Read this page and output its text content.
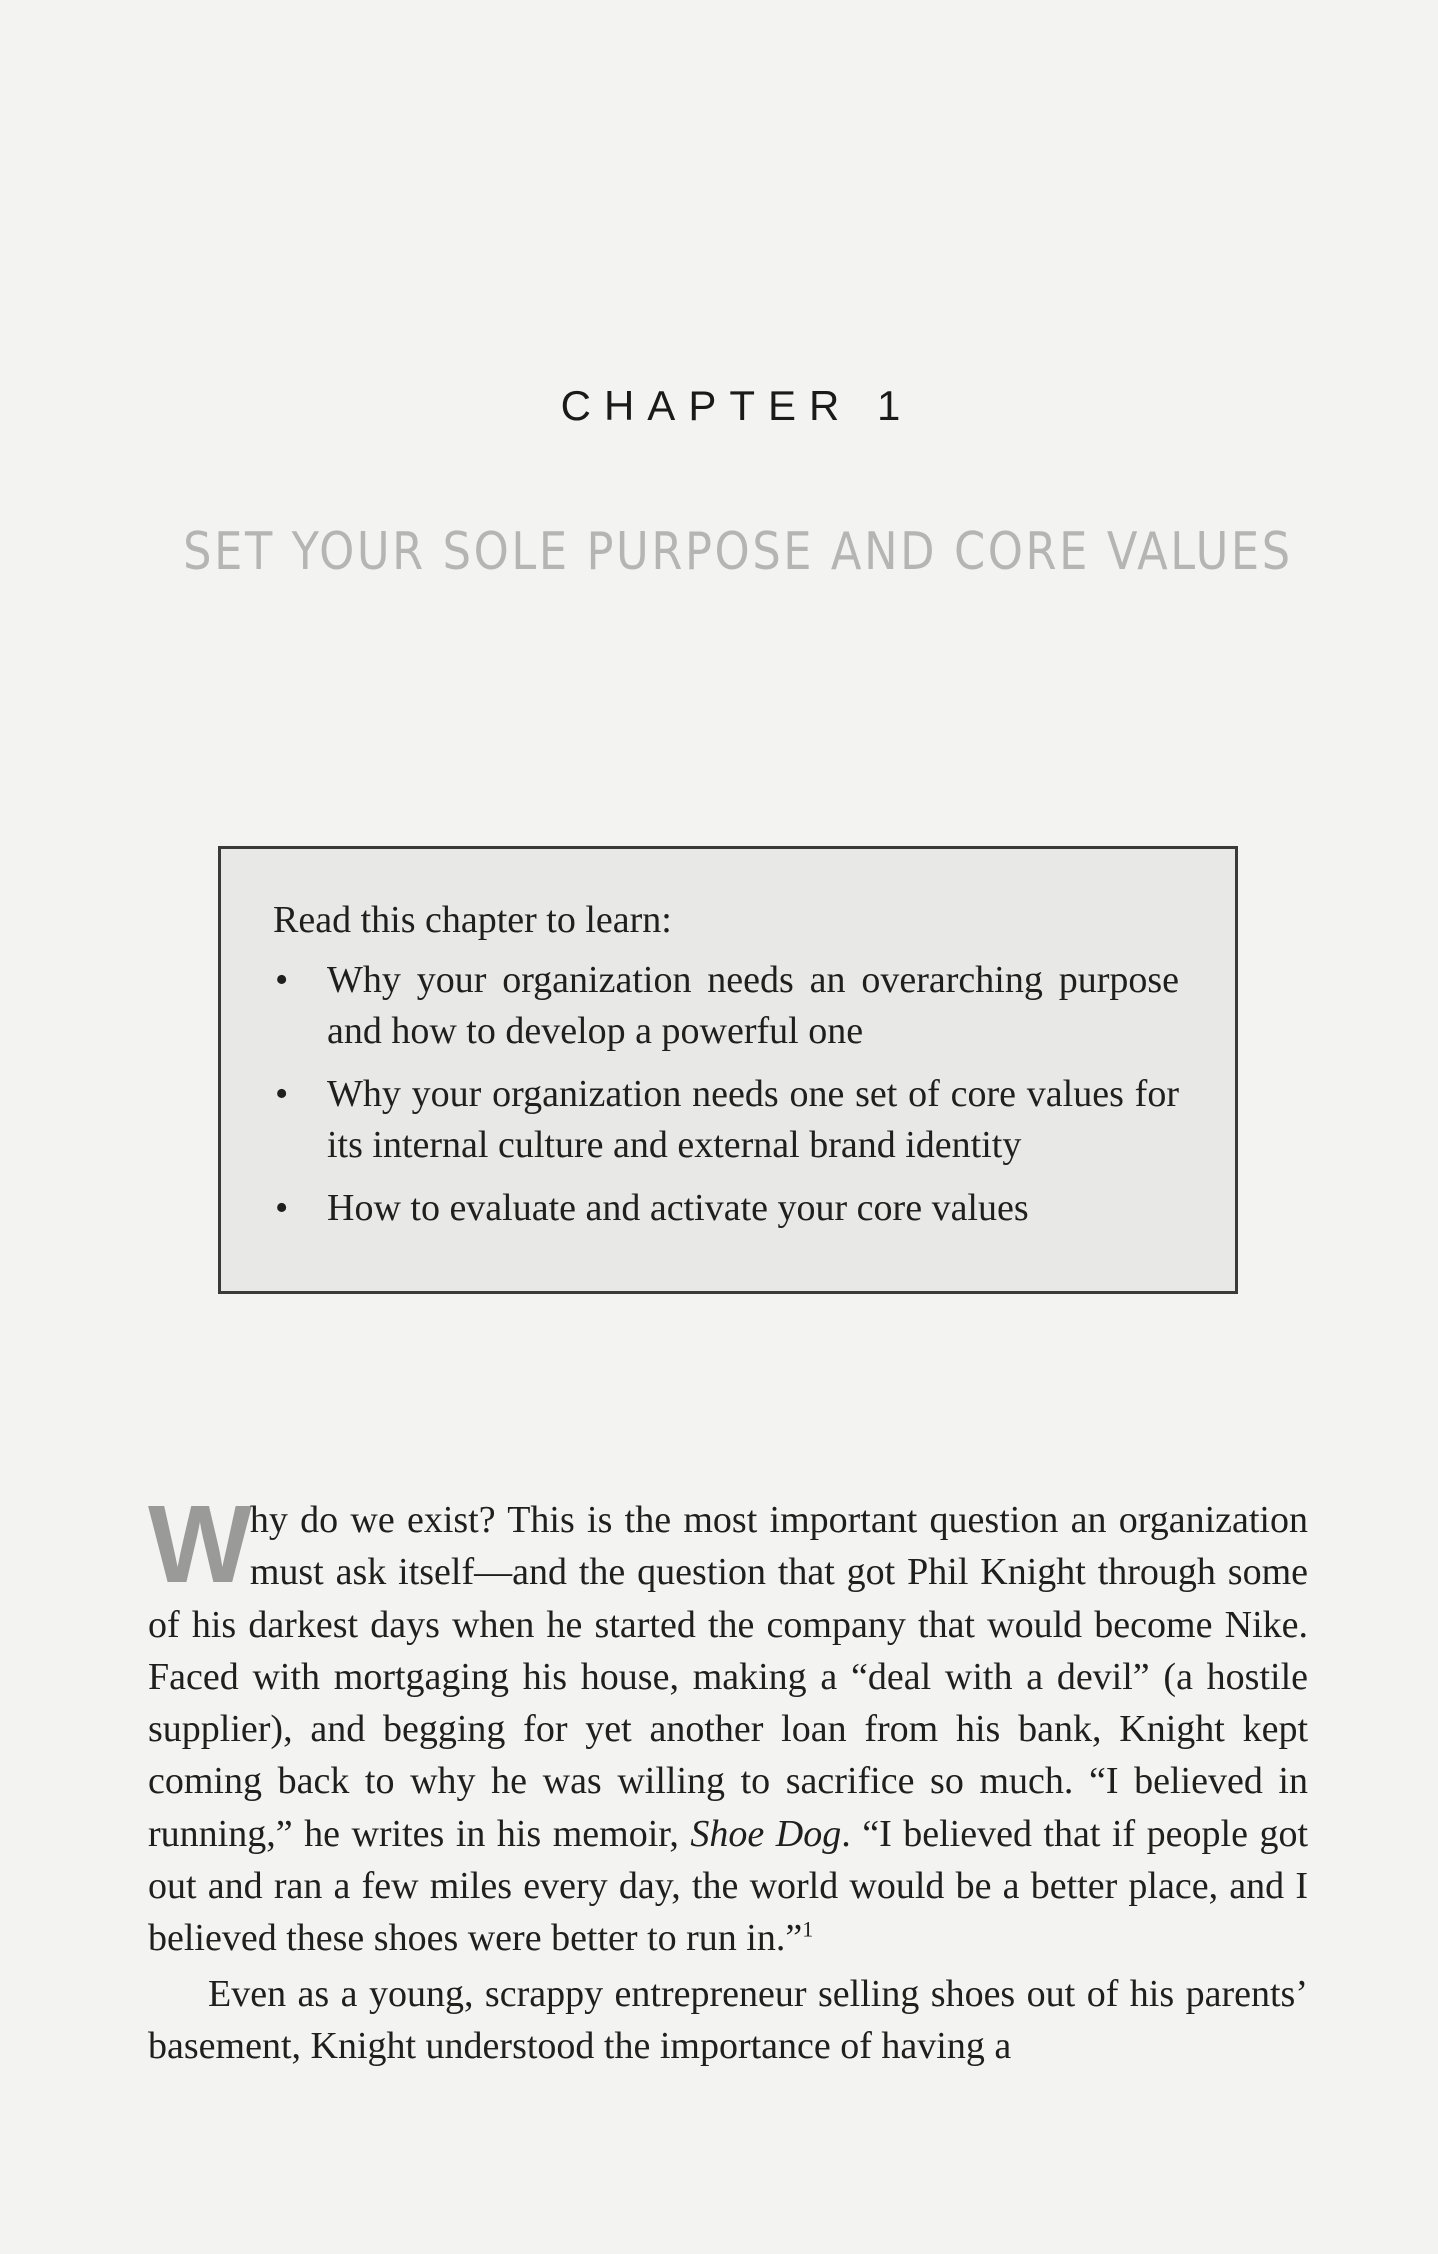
CHAPTER 1
SET YOUR SOLE PURPOSE AND CORE VALUES

Read this chapter to learn:

• Why your organization needs an overarching purpose and how to develop a powerful one
• Why your organization needs one set of core values for its internal culture and external brand identity
• How to evaluate and activate your core values

Why do we exist? This is the most important question an organization must ask itself—and the question that got Phil Knight through some of his darkest days when he started the company that would become Nike. Faced with mortgaging his house, making a “deal with a devil” (a hostile supplier), and begging for yet another loan from his bank, Knight kept coming back to why he was willing to sacrifice so much. “I believed in running,” he writes in his memoir, Shoe Dog. “I believed that if people got out and ran a few miles every day, the world would be a better place, and I believed these shoes were better to run in.”$^1$

Even as a young, scrappy entrepreneur selling shoes out of his parents’ basement, Knight understood the importance of having a
